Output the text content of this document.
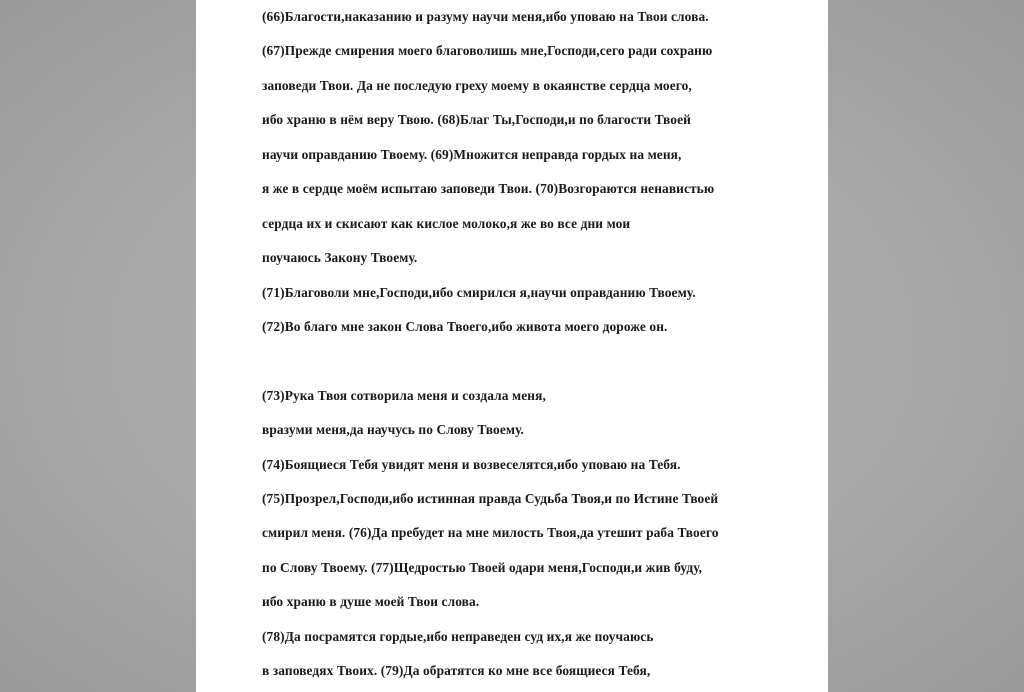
(66)Благости,наказанию и разуму научи меня,ибо уповаю на Твои слова.
(67)Прежде смирения моего благоволишь мне,Господи,сего ради сохраню
заповеди Твои. Да не последую греху моему в окаянстве сердца моего,
ибо храню в нём веру Твою. (68)Благ Ты,Господи,и по благости Твоей
научи оправданию Твоему. (69)Множится неправда гордых на меня,
я же в сердце моём испытаю заповеди Твои. (70)Возгораются ненавистью
сердца их и скисают как кислое молоко,я же во все дни мои
поучаюсь Закону Твоему.
(71)Благоволи мне,Господи,ибо смирился я,научи оправданию Твоему.
(72)Во благо мне закон Слова Твоего,ибо живота моего дороже он.
(73)Рука Твоя сотворила меня и создала меня,
вразуми меня,да научусь по Слову Твоему.
(74)Боящиеся Тебя увидят меня и возвеселятся,ибо уповаю на Тебя.
(75)Прозрел,Господи,ибо истинная правда Судьба Твоя,и по Истине Твоей
смирил меня. (76)Да пребудет на мне милость Твоя,да утешит раба Твоего
по Слову Твоему. (77)Щедростью Твоей одари меня,Господи,и жив буду,
ибо храню в душе моей Твои слова.
(78)Да посрамятся гордые,ибо неправеден суд их,я же поучаюсь
в заповедях Твоих. (79)Да обратятся ко мне все боящиеся Тебя,
